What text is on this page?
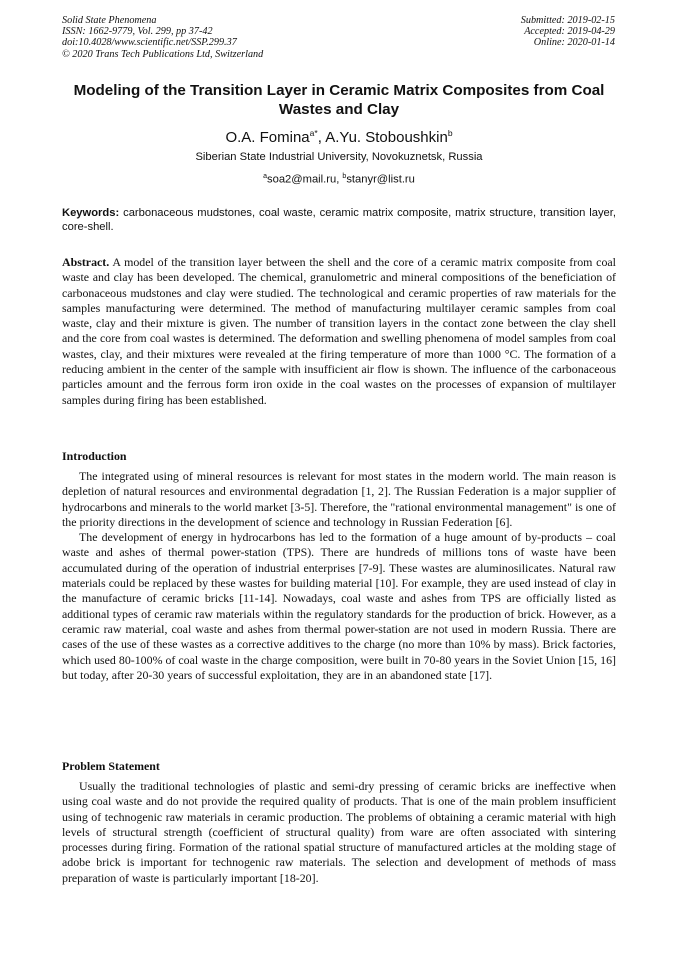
Solid State Phenomena
ISSN: 1662-9779, Vol. 299, pp 37-42
doi:10.4028/www.scientific.net/SSP.299.37
© 2020 Trans Tech Publications Ltd, Switzerland
Submitted: 2019-02-15
Accepted: 2019-04-29
Online: 2020-01-14
Modeling of the Transition Layer in Ceramic Matrix Composites from Coal Wastes and Clay
O.A. Fomina$^{a*}$, A.Yu. Stoboushkin$^b$
Siberian State Industrial University, Novokuznetsk, Russia
$^a$soa2@mail.ru, $^b$stanyr@list.ru
Keywords: carbonaceous mudstones, coal waste, ceramic matrix composite, matrix structure, transition layer, core-shell.
Abstract. A model of the transition layer between the shell and the core of a ceramic matrix composite from coal waste and clay has been developed. The chemical, granulometric and mineral compositions of the beneficiation of carbonaceous mudstones and clay were studied. The technological and ceramic properties of raw materials for the samples manufacturing were determined. The method of manufacturing multilayer ceramic samples from coal waste, clay and their mixture is given. The number of transition layers in the contact zone between the clay shell and the core from coal wastes is determined. The deformation and swelling phenomena of model samples from coal wastes, clay, and their mixtures were revealed at the firing temperature of more than 1000 °C. The formation of a reducing ambient in the center of the sample with insufficient air flow is shown. The influence of the carbonaceous particles amount and the ferrous form iron oxide in the coal wastes on the processes of expansion of multilayer samples during firing has been established.
Introduction

The integrated using of mineral resources is relevant for most states in the modern world. The main reason is depletion of natural resources and environmental degradation [1, 2]. The Russian Federation is a major supplier of hydrocarbons and minerals to the world market [3-5]. Therefore, the "rational environmental management" is one of the priority directions in the development of science and technology in Russian Federation [6].

The development of energy in hydrocarbons has led to the formation of a huge amount of by-products – coal waste and ashes of thermal power-station (TPS). There are hundreds of millions tons of waste have been accumulated during of the operation of industrial enterprises [7-9]. These wastes are aluminosilicates. Natural raw materials could be replaced by these wastes for building material [10]. For example, they are used instead of clay in the manufacture of ceramic bricks [11-14]. Nowadays, coal waste and ashes from TPS are officially listed as additional types of ceramic raw materials within the regulatory standards for the production of brick. However, as a ceramic raw material, coal waste and ashes from thermal power-station are not used in modern Russia. There are cases of the use of these wastes as a corrective additives to the charge (no more than 10% by mass). Brick factories, which used 80-100% of coal waste in the charge composition, were built in 70-80 years in the Soviet Union [15, 16] but today, after 20-30 years of successful exploitation, they are in an abandoned state [17].

Problem Statement

Usually the traditional technologies of plastic and semi-dry pressing of ceramic bricks are ineffective when using coal waste and do not provide the required quality of products. That is one of the main problem insufficient using of technogenic raw materials in ceramic production. The problems of obtaining a ceramic material with high levels of structural strength (coefficient of structural quality) from ware are often associated with sintering processes during firing. Formation of the rational spatial structure of manufactured articles at the molding stage of adobe brick is important for technogenic raw materials. The selection and development of methods of mass preparation of waste is particularly important [18-20].
